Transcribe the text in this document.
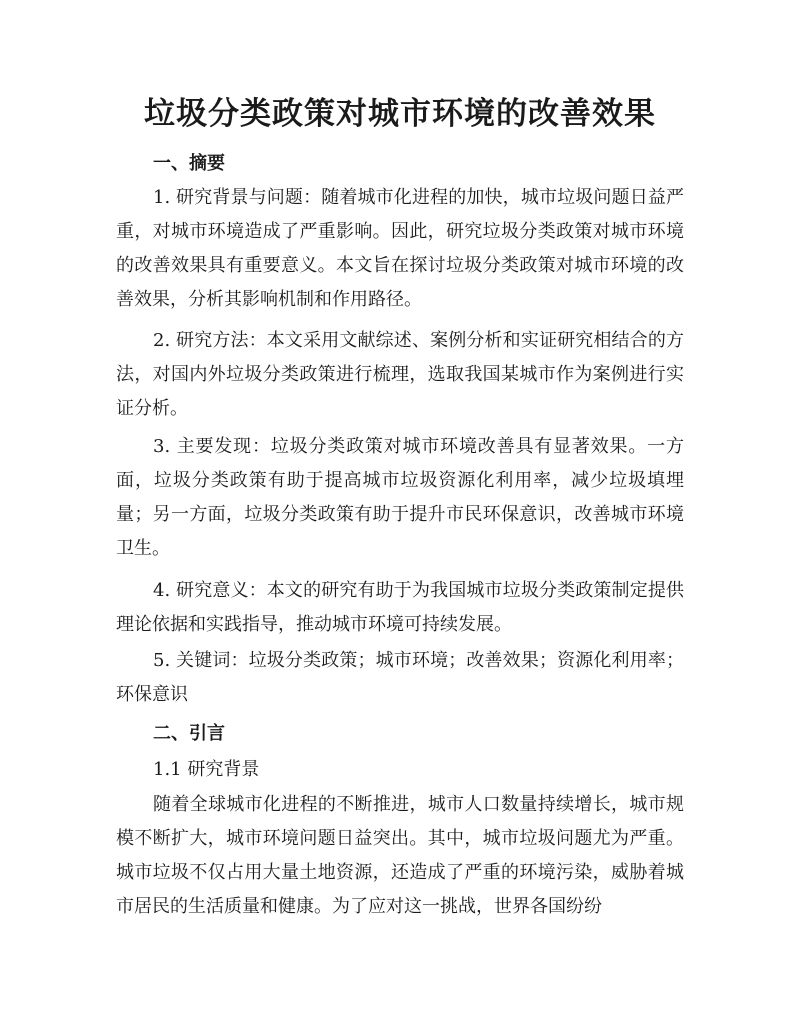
垃圾分类政策对城市环境的改善效果
一、摘要

1. 研究背景与问题：随着城市化进程的加快，城市垃圾问题日益严重，对城市环境造成了严重影响。因此，研究垃圾分类政策对城市环境的改善效果具有重要意义。本文旨在探讨垃圾分类政策对城市环境的改善效果，分析其影响机制和作用路径。

2. 研究方法：本文采用文献综述、案例分析和实证研究相结合的方法，对国内外垃圾分类政策进行梳理，选取我国某城市作为案例进行实证分析。

3. 主要发现：垃圾分类政策对城市环境改善具有显著效果。一方面，垃圾分类政策有助于提高城市垃圾资源化利用率，减少垃圾填埋量；另一方面，垃圾分类政策有助于提升市民环保意识，改善城市环境卫生。

4. 研究意义：本文的研究有助于为我国城市垃圾分类政策制定提供理论依据和实践指导，推动城市环境可持续发展。

5. 关键词：垃圾分类政策；城市环境；改善效果；资源化利用率；环保意识

二、引言
1.1 研究背景

随着全球城市化进程的不断推进，城市人口数量持续增长，城市规模不断扩大，城市环境问题日益突出。其中，城市垃圾问题尤为严重。城市垃圾不仅占用大量土地资源，还造成了严重的环境污染，威胁着城市居民的生活质量和健康。为了应对这一挑战，世界各国纷纷
